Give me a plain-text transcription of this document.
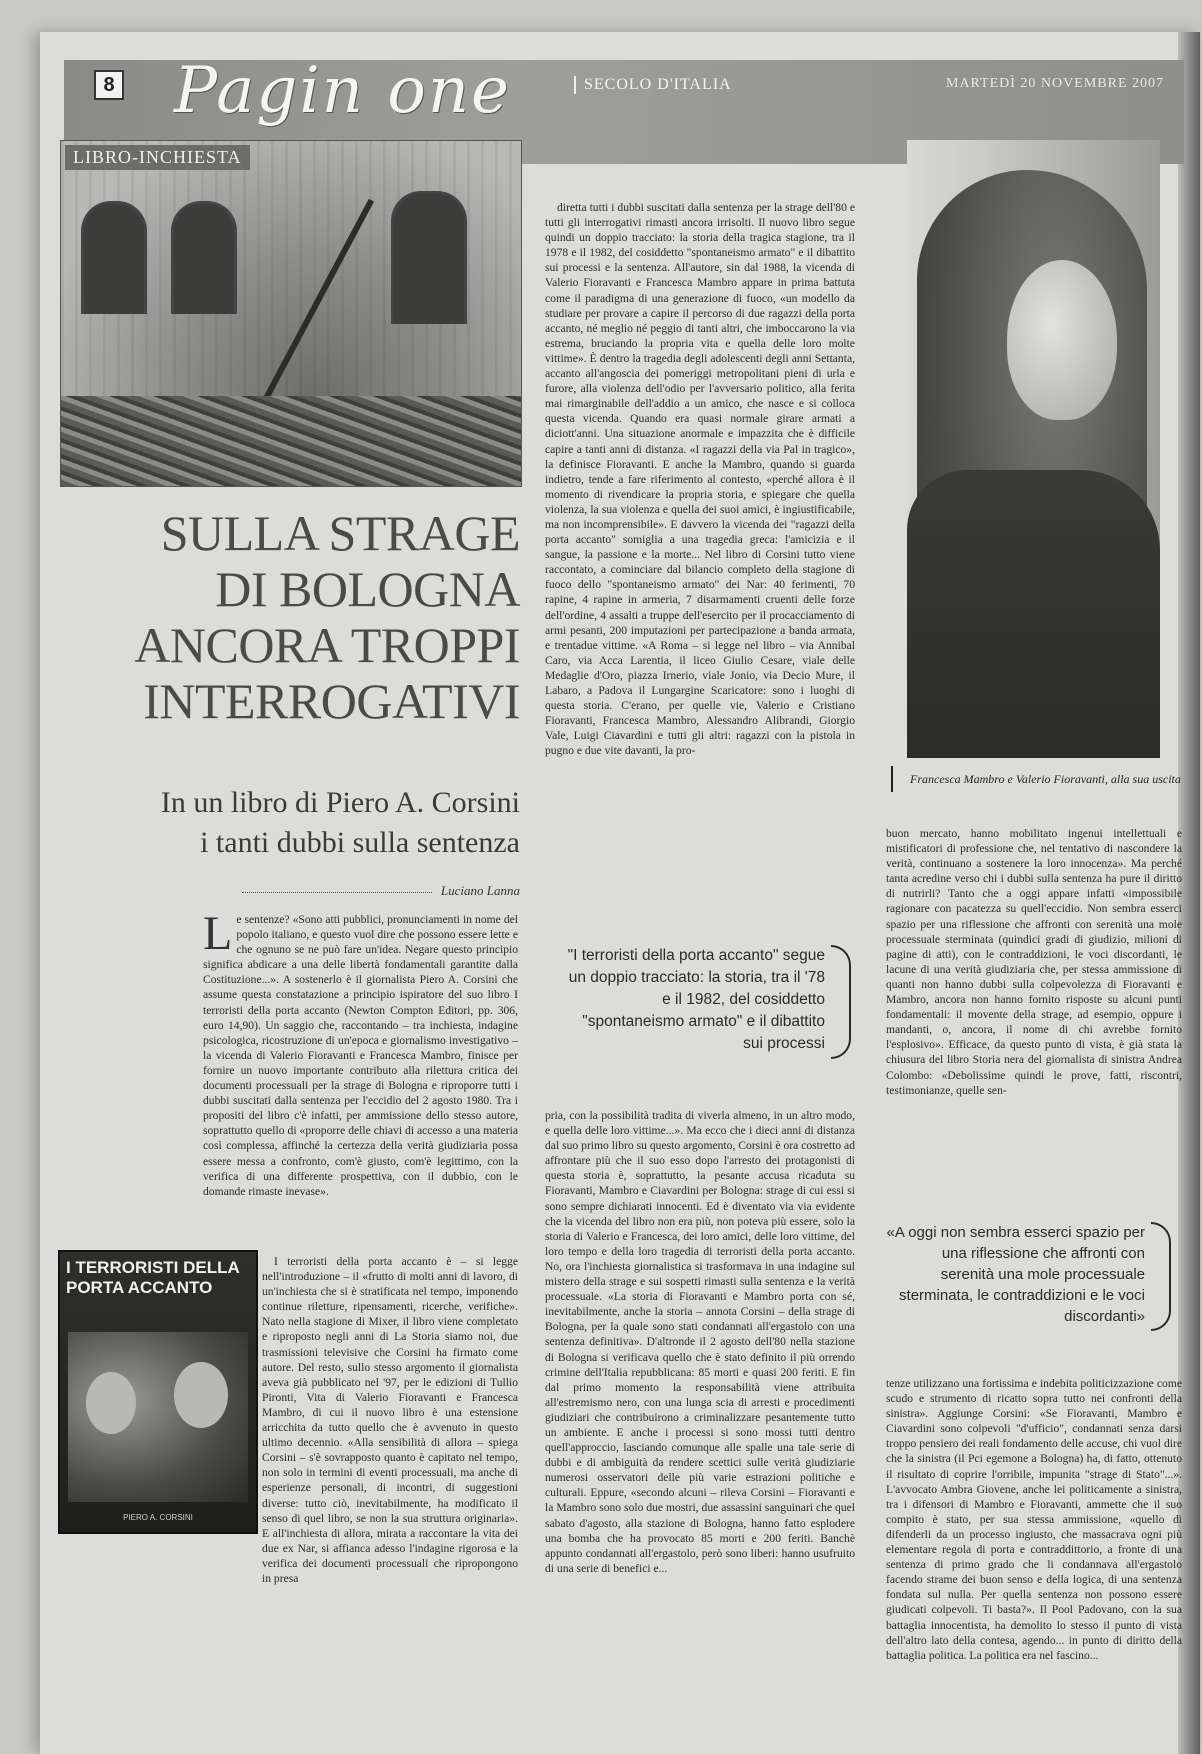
8 Pagin one	SECOLO D'ITALIA	MARTEDÌ 20 NOVEMBRE 2007
LIBRO-INCHIESTA
SULLA STRAGE
DI BOLOGNA
ANCORA TROPPI
INTERROGATIVI
In un libro di Piero A. Corsini
i tanti dubbi sulla sentenza
Luciano Lanna

Le sentenze? «Sono atti pubblici, pronunciamenti in nome del popolo italiano, e questo vuol dire che possono essere lette e che ognuno se ne può fare un'idea. Negare questo principio significa abdicare a una delle libertà fondamentali garantite dalla Costituzione...». A sostenerlo è il giornalista Piero A. Corsini che assume questa constatazione a principio ispiratore del suo libro I terroristi della porta accanto (Newton Compton Editori, pp. 306, euro 14,90). Un saggio che, raccontando – tra inchiesta, indagine psicologica, ricostruzione di un'epoca e giornalismo investigativo – la vicenda di Valerio Fioravanti e Francesca Mambro, finisce per fornire un nuovo importante contributo alla rilettura critica dei documenti processuali per la strage di Bologna e riproporre tutti i dubbi suscitati dalla sentenza per l'eccidio del 2 agosto 1980. Tra i propositi del libro c'è infatti, per ammissione dello stesso autore, soprattutto quello di «proporre delle chiavi di accesso a una materia così complessa, affinché la certezza della verità giudiziaria possa essere messa a confronto, com'è giusto, com'è legittimo, con la verifica di una differente prospettiva, con il dubbio, con le domande rimaste inevase».

I TERRORISTI DELLA PORTA ACCANTO
PIERO A. CORSINI

I terroristi della porta accanto è – si legge nell'introduzione – il «frutto di molti anni di lavoro, di un'inchiesta che si è stratificata nel tempo, imponendo continue riletture, ripensamenti, ricerche, verifiche». Nato nella stagione di Mixer, il libro viene completato e riproposto negli anni di La Storia siamo noi, due trasmissioni televisive che Corsini ha firmato come autore. Del resto, sullo stesso argomento il giornalista aveva già pubblicato nel '97, per le edizioni di Tullio Pironti, Vita di Valerio Fioravanti e Francesca Mambro, di cui il nuovo libro è una estensione arricchita da tutto quello che è avvenuto in questo ultimo decennio. «Alla sensibilità di allora – spiega Corsini – s'è sovrapposto quanto è capitato nel tempo, non solo in termini di eventi processuali, ma anche di esperienze personali, di incontri, di suggestioni diverse: tutto ciò, inevitabilmente, ha modificato il senso di quel libro, se non la sua struttura originaria». E all'inchiesta di allora, mirata a raccontare la vita dei due ex Nar, si affianca adesso l'indagine rigorosa e la verifica dei documenti processuali che ripropongono in presa

diretta tutti i dubbi suscitati dalla sentenza per la strage dell'80 e tutti gli interrogativi rimasti ancora irrisolti. Il nuovo libro segue quindi un doppio tracciato: la storia della tragica stagione, tra il 1978 e il 1982, del cosiddetto "spontaneismo armato" e il dibattito sui processi e la sentenza. All'autore, sin dal 1988, la vicenda di Valerio Fioravanti e Francesca Mambro appare in prima battuta come il paradigma di una generazione di fuoco, «un modello da studiare per provare a capire il percorso di due ragazzi della porta accanto, né meglio né peggio di tanti altri, che imboccarono la via estrema, bruciando la propria vita e quella delle loro molte vittime». È dentro la tragedia degli adolescenti degli anni Settanta, accanto all'angoscia dei pomeriggi metropolitani pieni di urla e furore, alla violenza dell'odio per l'avversario politico, alla ferita mai rimarginabile dell'addio a un amico, che nasce e si colloca questa vicenda. Quando era quasi normale girare armati a diciott'anni. Una situazione anormale e impazzita che è difficile capire a tanti anni di distanza. «I ragazzi della via Pal in tragico», la definisce Fioravanti. E anche la Mambro, quando si guarda indietro, tende a fare riferimento al contesto, «perché allora è il momento di rivendicare la propria storia, e spiegare che quella violenza, la sua violenza e quella dei suoi amici, è ingiustificabile, ma non incomprensibile». E davvero la vicenda dei "ragazzi della porta accanto" somiglia a una tragedia greca: l'amicizia e il sangue, la passione e la morte... Nel libro di Corsini tutto viene raccontato, a cominciare dal bilancio completo della stagione di fuoco dello "spontaneismo armato" dei Nar: 40 ferimenti, 70 rapine, 4 rapine in armeria, 7 disarmamenti cruenti delle forze dell'ordine, 4 assalti a truppe dell'esercito per il procacciamento di armi pesanti, 200 imputazioni per partecipazione a banda armata, e trentadue vittime. «A Roma – si legge nel libro – via Annibal Caro, via Acca Larentia, il liceo Giulio Cesare, viale delle Medaglie d'Oro, piazza Irnerio, viale Jonio, via Decio Mure, il Labaro, a Padova il Lungargine Scaricatore: sono i luoghi di questa storia. C'erano, per quelle vie, Valerio e Cristiano Fioravanti, Francesca Mambro, Alessandro Alibrandi, Giorgio Vale, Luigi Ciavardini e tutti gli altri: ragazzi con la pistola in pugno e due vite davanti, la pro-

"I terroristi della porta accanto" segue un doppio tracciato: la storia, tra il '78 e il 1982, del cosiddetto "spontaneismo armato" e il dibattito sui processi

pria, con la possibilità tradita di viverla almeno, in un altro modo, e quella delle loro vittime...». Ma ecco che i dieci anni di distanza dal suo primo libro su questo argomento, Corsini è ora costretto ad affrontare più che il suo esso dopo l'arresto dei protagonisti di questa storia è, soprattutto, la pesante accusa ricaduta su Fioravanti, Mambro e Ciavardini per Bologna: strage di cui essi si sono sempre dichiarati innocenti. Ed è diventato via via evidente che la vicenda del libro non era più, non poteva più essere, solo la storia di Valerio e Francesca, dei loro amici, delle loro vittime, del loro tempo e della loro tragedia di terroristi della porta accanto. No, ora l'inchiesta giornalistica si trasformava in una indagine sul mistero della strage e sui sospetti rimasti sulla sentenza e la verità processuale. «La storia di Fioravanti e Mambro porta con sé, inevitabilmente, anche la storia – annota Corsini – della strage di Bologna, per la quale sono stati condannati all'ergastolo con una sentenza definitiva». D'altronde il 2 agosto dell'80 nella stazione di Bologna si verificava quello che è stato definito il più orrendo crimine dell'Italia repubblicana: 85 morti e quasi 200 feriti. E fin dal primo momento la responsabilità viene attribuita all'estremismo nero, con una lunga scia di arresti e procedimenti giudiziari che contribuirono a criminalizzare pesantemente tutto un ambiente. E anche i processi si sono mossi tutti dentro quell'approccio, lasciando comunque alle spalle una tale serie di dubbi e di ambiguità da rendere scettici sulle verità giudiziarie numerosi osservatori delle più varie estrazioni politiche e culturali. Eppure, «secondo alcuni – rileva Corsini – Fioravanti e la Mambro sono solo due mostri, due assassini sanguinari che quel sabato d'agosto, alla stazione di Bologna, hanno fatto esplodere una bomba che ha provocato 85 morti e 200 feriti. Banchè appunto condannati all'ergastolo, però sono liberi: hanno usufruito di una serie di benefici e...

Francesca Mambro e Valerio Fioravanti, alla sua uscita

buon mercato, hanno mobilitato ingenui intellettuali e mistificatori di professione che, nel tentativo di nascondere la verità, continuano a sostenere la loro innocenza». Ma perché tanta acredine verso chi i dubbi sulla sentenza ha pure il diritto di nutrirli? Tanto che a oggi appare infatti «impossibile ragionare con pacatezza su quell'eccidio. Non sembra esserci spazio per una riflessione che affronti con serenità una mole processuale sterminata (quindici gradi di giudizio, milioni di pagine di atti), con le contraddizioni, le voci discordanti, le lacune di una verità giudiziaria che, per stessa ammissione di quanti non hanno dubbi sulla colpevolezza di Fioravanti e Mambro, ancora non hanno fornito risposte su alcuni punti fondamentali: il movente della strage, ad esempio, oppure i mandanti, o, ancora, il nome di chi avrebbe fornito l'esplosivo». Efficace, da questo punto di vista, è già stata la chiusura del libro Storia nera del giornalista di sinistra Andrea Colombo: «Debolissime quindi le prove, fatti, riscontri, testimonianze, quelle sen-

«A oggi non sembra esserci spazio per una riflessione che affronti con serenità una mole processuale sterminata, le contraddizioni e le voci discordanti»

tenze utilizzano una fortissima e indebita politicizzazione come scudo e strumento di ricatto sopra tutto nei confronti della sinistra». Aggiunge Corsini: «Se Fioravanti, Mambro e Ciavardini sono colpevoli "d'ufficio", condannati senza darsi troppo pensiero dei reali fondamento delle accuse, chi vuol dire che la sinistra (il Pci egemone a Bologna) ha, di fatto, ottenuto il risultato di coprire l'orribile, impunita "strage di Stato"...». L'avvocato Ambra Giovene, anche lei politicamente a sinistra, tra i difensori di Mambro e Fioravanti, ammette che il suo compito è stato, per sua stessa ammissione, «quello di difenderli da un processo ingiusto, che massacrava ogni più elementare regola di porta e contraddittorio, a fronte di una sentenza di primo grado che li condannava all'ergastolo facendo strame dei buon senso e della logica, di una sentenza fondata sul nulla. Per quella sentenza non possono essere giudicati colpevoli. Ti basta?». Il Pool Padovano, con la sua battaglia innocentista, ha demolito lo stesso il punto di vista dell'altro lato della contesa, agendo... in punto di diritto della battaglia politica. La politica era nel fascino...
